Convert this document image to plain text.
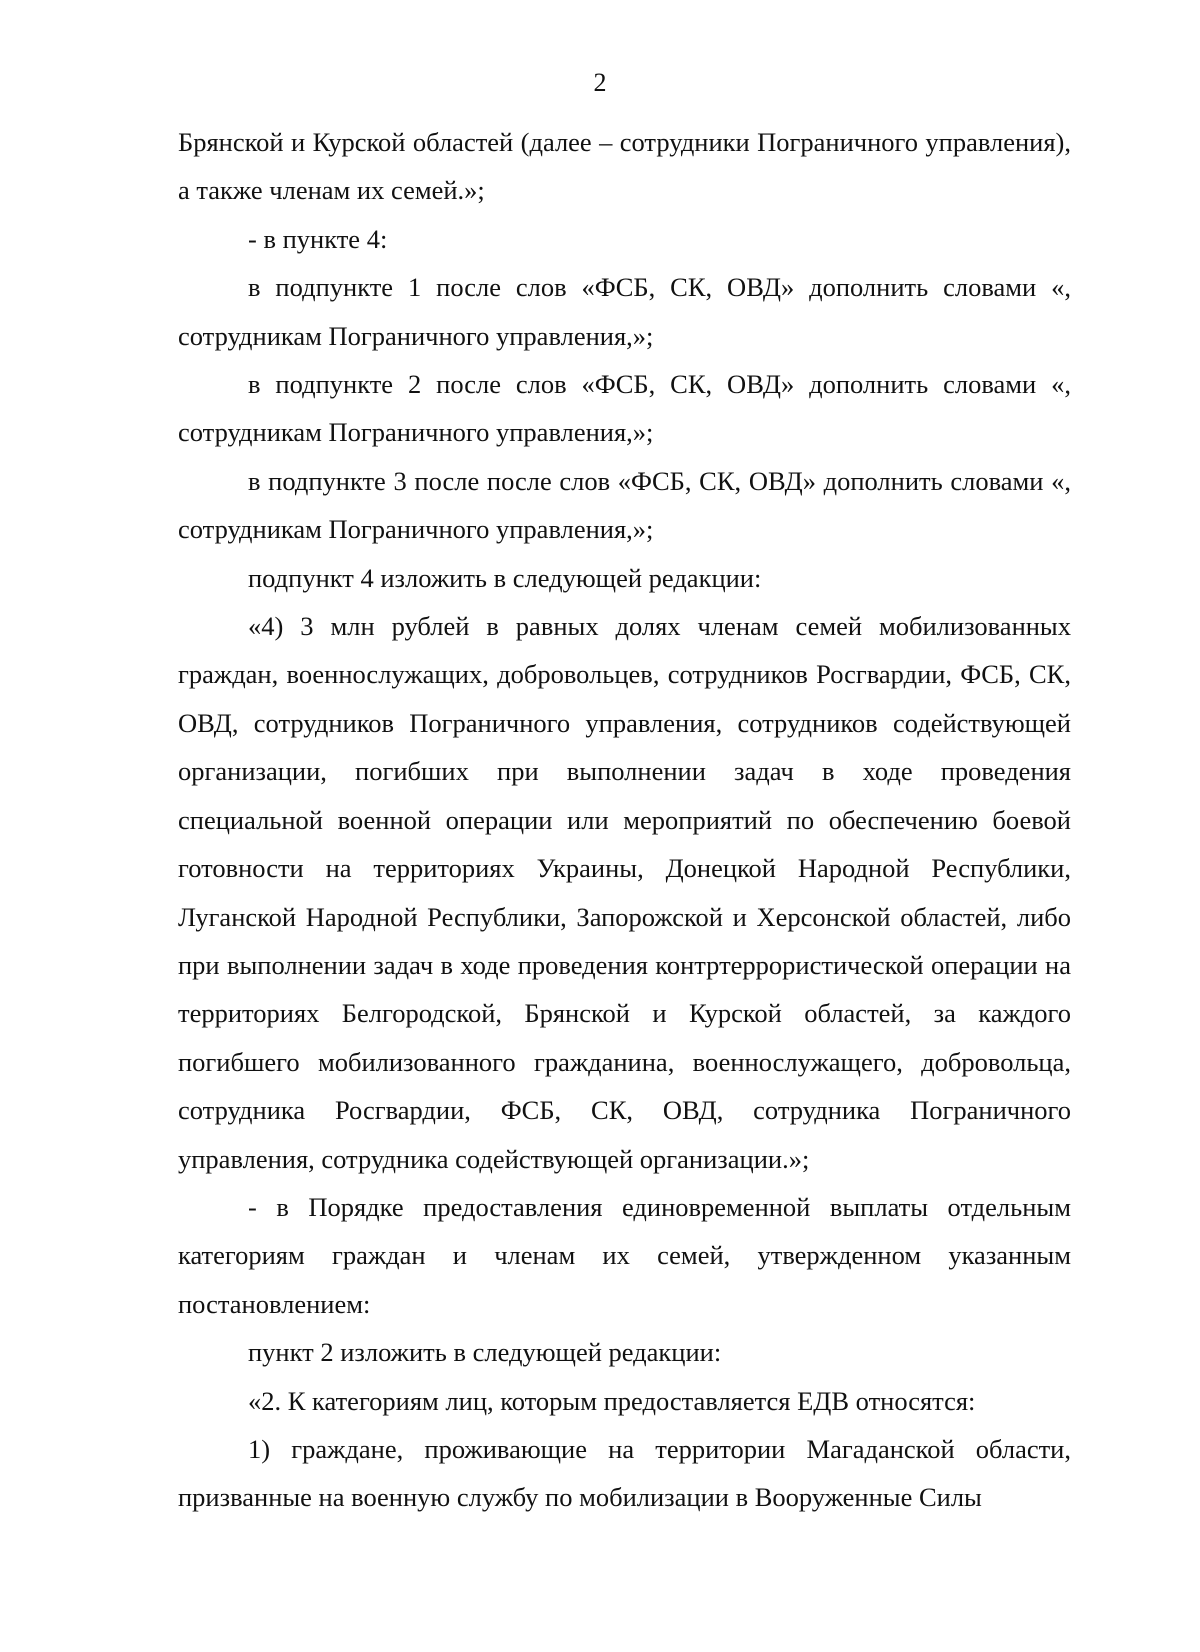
2

Брянской и Курской областей (далее – сотрудники Пограничного управления), а также членам их семей.»;

- в пункте 4:

в подпункте 1 после слов «ФСБ, СК, ОВД» дополнить словами «, сотрудникам Пограничного управления,»;

в подпункте 2 после слов «ФСБ, СК, ОВД» дополнить словами «, сотрудникам Пограничного управления,»;

в подпункте 3 после после слов «ФСБ, СК, ОВД» дополнить словами «, сотрудникам Пограничного управления,»;

подпункт 4 изложить в следующей редакции:

«4) 3 млн рублей в равных долях членам семей мобилизованных граждан, военнослужащих, добровольцев, сотрудников Росгвардии, ФСБ, СК, ОВД, сотрудников Пограничного управления, сотрудников содействующей организации, погибших при выполнении задач в ходе проведения специальной военной операции или мероприятий по обеспечению боевой готовности на территориях Украины, Донецкой Народной Республики, Луганской Народной Республики, Запорожской и Херсонской областей, либо при выполнении задач в ходе проведения контртеррористической операции на территориях Белгородской, Брянской и Курской областей, за каждого погибшего мобилизованного гражданина, военнослужащего, добровольца, сотрудника Росгвардии, ФСБ, СК, ОВД, сотрудника Пограничного управления, сотрудника содействующей организации.»;

- в Порядке предоставления единовременной выплаты отдельным категориям граждан и членам их семей, утвержденном указанным постановлением:

пункт 2 изложить в следующей редакции:

«2. К категориям лиц, которым предоставляется ЕДВ относятся:

1) граждане, проживающие на территории Магаданской области, призванные на военную службу по мобилизации в Вооруженные Силы
